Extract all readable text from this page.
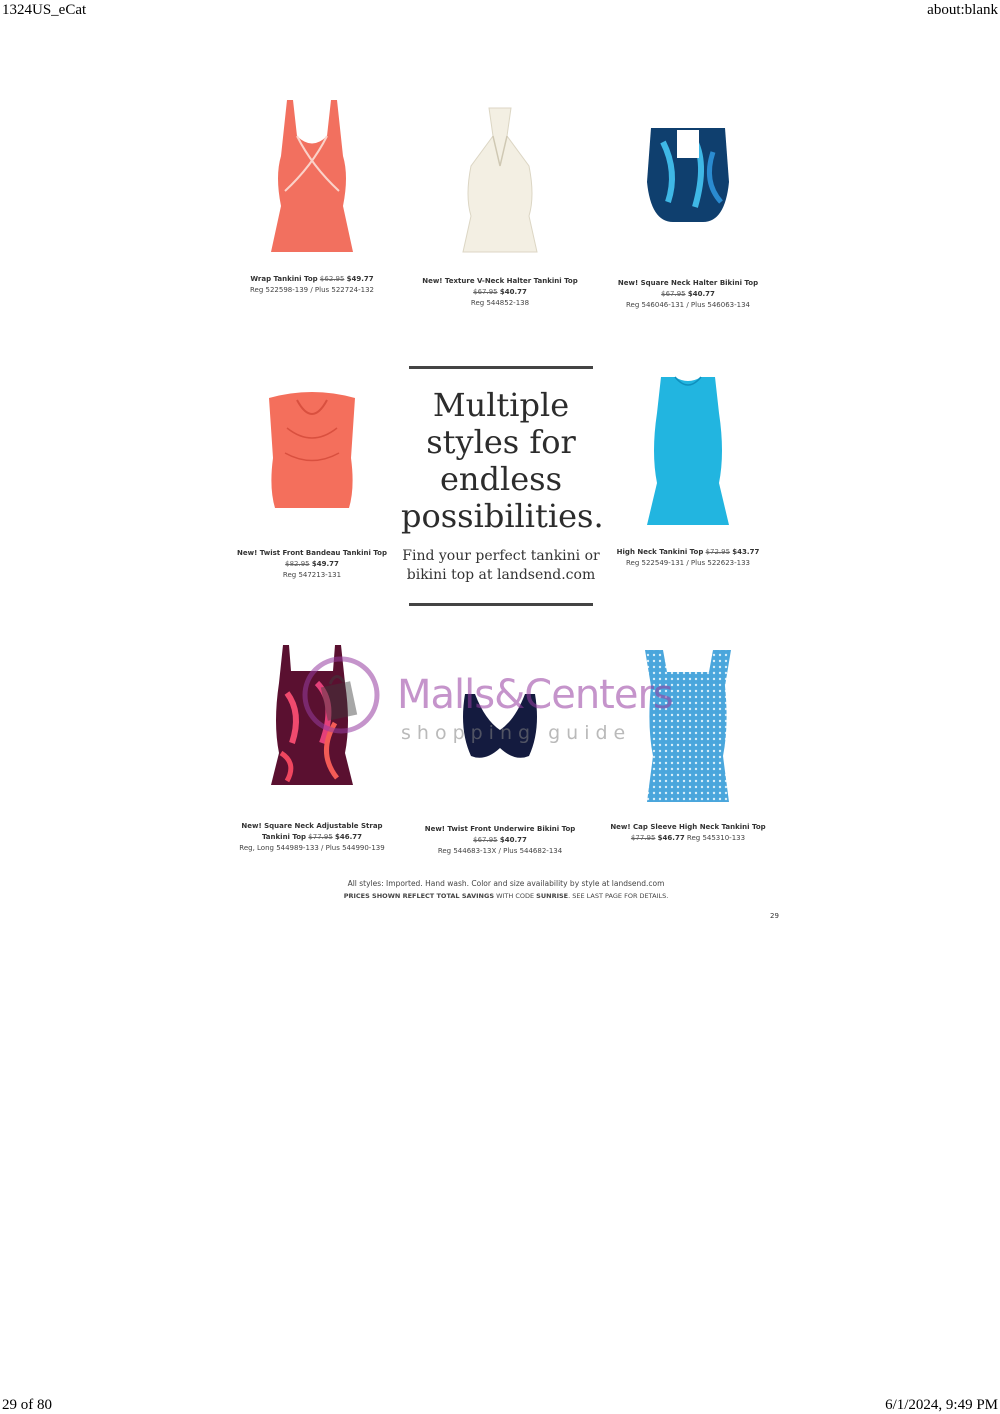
1324US_eCat	about:blank
29 of 80	6/1/2024, 9:49 PM
Wrap Tankini Top $62.95 $49.77
Reg 522598-139 / Plus 522724-132
New! Texture V-Neck Halter Tankini Top
$67.95 $40.77
Reg 544852-138
New! Square Neck Halter Bikini Top
$67.95 $40.77
Reg 546046-131 / Plus 546063-134
New! Twist Front Bandeau Tankini Top
$82.95 $49.77
Reg 547213-131
Multiple
styles for
endless
possibilities.
Find your perfect tankini or
bikini top at landsend.com
High Neck Tankini Top $72.95 $43.77
Reg 522549-131 / Plus 522623-133
New! Square Neck Adjustable Strap
Tankini Top $77.95 $46.77
Reg, Long 544989-133 / Plus 544990-139
New! Twist Front Underwire Bikini Top
$67.95 $40.77
Reg 544683-13X / Plus 544682-134
New! Cap Sleeve High Neck Tankini Top
$77.95 $46.77 Reg 545310-133
Malls&Centers
shopping guide
All styles: Imported. Hand wash. Color and size availability by style at landsend.com
PRICES SHOWN REFLECT TOTAL SAVINGS WITH CODE SUNRISE. SEE LAST PAGE FOR DETAILS.
29
